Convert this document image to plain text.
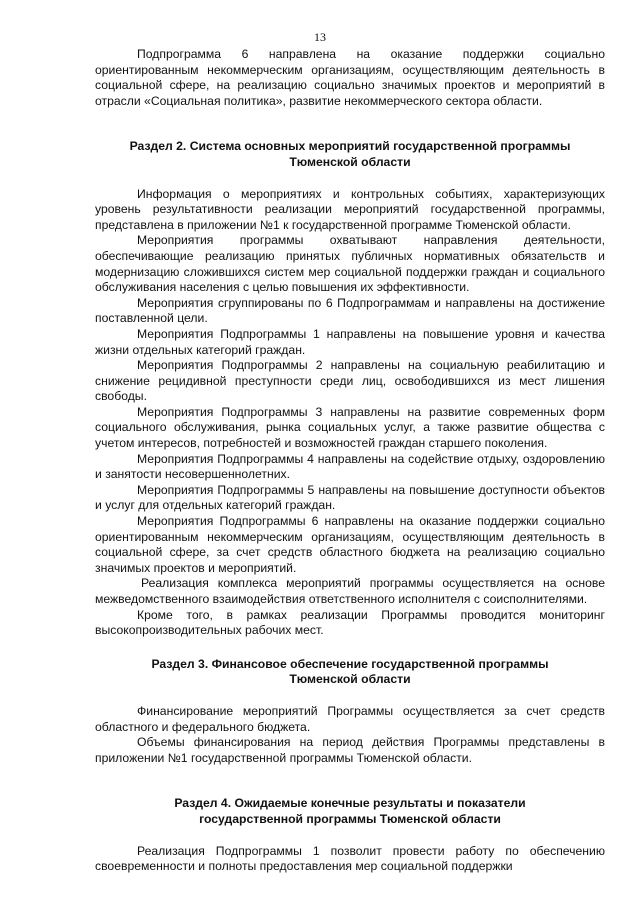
13

Подпрограмма 6 направлена на оказание поддержки социально ориентированным некоммерческим организациям, осуществляющим деятельность в социальной сфере, на реализацию социально значимых проектов и мероприятий в отрасли «Социальная политика», развитие некоммерческого сектора области.

Раздел 2. Система основных мероприятий государственной программы
Тюменской области

Информация о мероприятиях и контрольных событиях, характеризующих уровень результативности реализации мероприятий государственной программы, представлена в приложении №1 к государственной программе Тюменской области.

Мероприятия программы охватывают направления деятельности, обеспечивающие реализацию принятых публичных нормативных обязательств и модернизацию сложившихся систем мер социальной поддержки граждан и социального обслуживания населения с целью повышения их эффективности.

Мероприятия сгруппированы по 6 Подпрограммам и направлены на достижение поставленной цели.

Мероприятия Подпрограммы 1 направлены на повышение уровня и качества жизни отдельных категорий граждан.

Мероприятия Подпрограммы 2 направлены на социальную реабилитацию и снижение рецидивной преступности среди лиц, освободившихся из мест лишения свободы.

Мероприятия Подпрограммы 3 направлены на развитие современных форм социального обслуживания, рынка социальных услуг, а также развитие общества с учетом интересов, потребностей и возможностей граждан старшего поколения.

Мероприятия Подпрограммы 4 направлены на содействие отдыху, оздоровлению и занятости несовершеннолетних.

Мероприятия Подпрограммы 5 направлены на повышение доступности объектов и услуг для отдельных категорий граждан.

Мероприятия Подпрограммы 6 направлены на оказание поддержки социально ориентированным некоммерческим организациям, осуществляющим деятельность в социальной сфере, за счет средств областного бюджета на реализацию социально значимых проектов и мероприятий.

Реализация комплекса мероприятий программы осуществляется на основе межведомственного взаимодействия ответственного исполнителя с соисполнителями.

Кроме того, в рамках реализации Программы проводится мониторинг высокопроизводительных рабочих мест.

Раздел 3. Финансовое обеспечение государственной программы
Тюменской области

Финансирование мероприятий Программы осуществляется за счет средств областного и федерального бюджета.

Объемы финансирования на период действия Программы представлены в приложении №1 государственной программы Тюменской области.

Раздел 4. Ожидаемые конечные результаты и показатели
государственной программы Тюменской области

Реализация Подпрограммы 1 позволит провести работу по обеспечению своевременности и полноты предоставления мер социальной поддержки
